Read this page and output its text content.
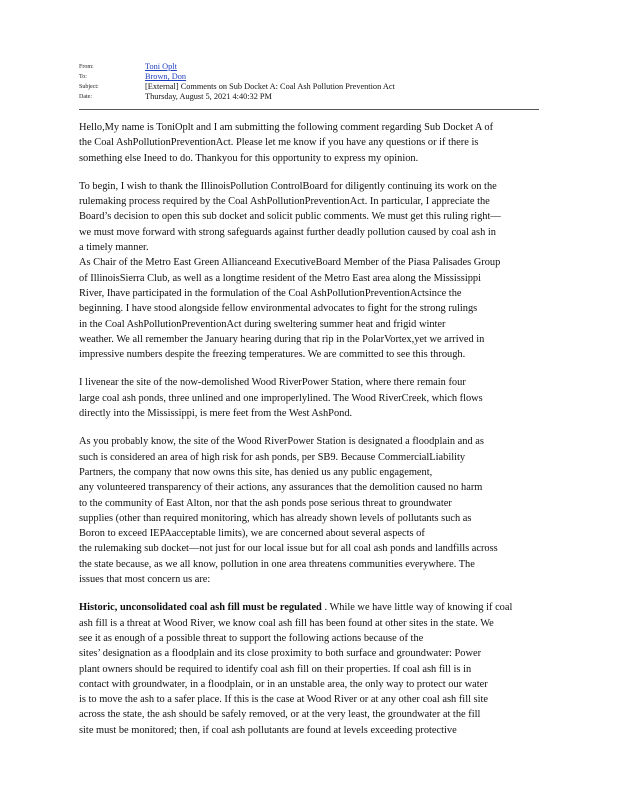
From:	Toni Oplt
To:	Brown, Don
Subject:	[External] Comments on Sub Docket A: Coal Ash Pollution Prevention Act
Date:	Thursday, August 5, 2021 4:40:32 PM
Hello,My name is ToniOplt and I am submitting the following comment regarding Sub Docket A of
the Coal AshPollutionPreventionAct. Please let me know if you have any questions or if there is
something else Ineed to do. Thankyou for this opportunity to express my opinion.
To begin, I wish to thank the IllinoisPollution ControlBoard for diligently continuing its work on the
rulemaking process required by the Coal AshPollutionPreventionAct. In particular, I appreciate the
Board’s decision to open this sub docket and solicit public comments. We must get this ruling right—
we must move forward with strong safeguards against further deadly pollution caused by coal ash in
a timely manner.
As Chair of the Metro East Green Allianceand ExecutiveBoard Member of the Piasa Palisades Group
of IllinoisSierra Club, as well as a longtime resident of the Metro East area along the Mississippi
River, Ihave participated in the formulation of the Coal AshPollutionPreventionActsince the
beginning. I have stood alongside fellow environmental advocates to fight for the strong rulings
in the Coal AshPollutionPreventionAct during sweltering summer heat and frigid winter
weather. We all remember the January hearing during that rip in the PolarVortex,yet we arrived in
impressive numbers despite the freezing temperatures. We are committed to see this through.
I livenear the site of the now-demolished Wood RiverPower Station, where there remain four
large coal ash ponds, three unlined and one improperlylined. The Wood RiverCreek, which flows
directly into the Mississippi, is mere feet from the West AshPond.
As you probably know, the site of the Wood RiverPower Station is designated a floodplain and as
such is considered an area of high risk for ash ponds, per SB9. Because CommercialLiability
Partners, the company that now owns this site, has denied us any public engagement,
any volunteered transparency of their actions, any assurances that the demolition caused no harm
to the community of East Alton, nor that the ash ponds pose serious threat to groundwater
supplies (other than required monitoring, which has already shown levels of pollutants such as
Boron to exceed IEPAacceptable limits), we are concerned about several aspects of
the rulemaking sub docket—not just for our local issue but for all coal ash ponds and landfills across
the state because, as we all know, pollution in one area threatens communities everywhere. The
issues that most concern us are:
Historic, unconsolidated coal ash fill must be regulated . While we have little way of knowing if coal
ash fill is a threat at Wood River, we know coal ash fill has been found at other sites in the state. We
see it as enough of a possible threat to support the following actions because of the
sites’ designation as a floodplain and its close proximity to both surface and groundwater: Power
plant owners should be required to identify coal ash fill on their properties. If coal ash fill is in
contact with groundwater, in a floodplain, or in an unstable area, the only way to protect our water
is to move the ash to a safer place. If this is the case at Wood River or at any other coal ash fill site
across the state, the ash should be safely removed, or at the very least, the groundwater at the fill
site must be monitored; then, if coal ash pollutants are found at levels exceeding protective
